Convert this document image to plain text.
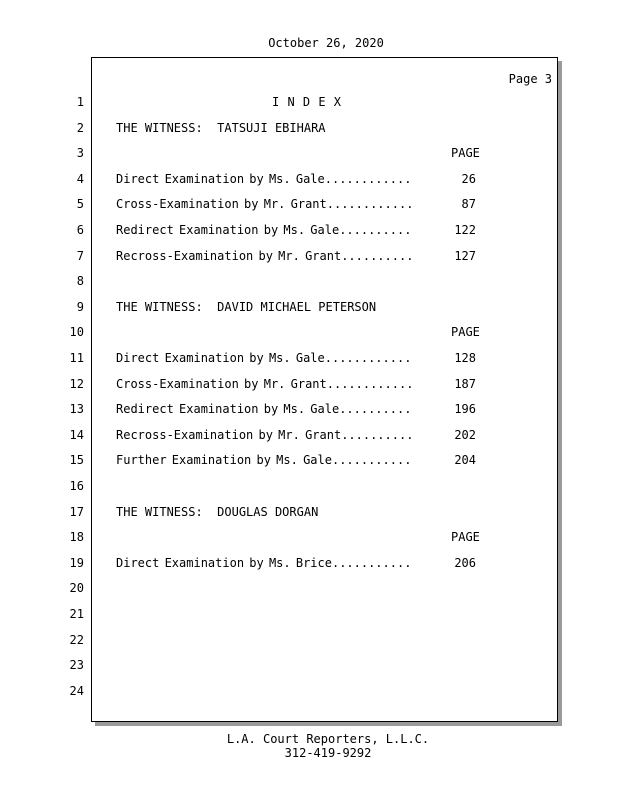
October 26, 2020
Page 3
1	I N D E X
2	THE WITNESS:  TATSUJI EBIHARA
3	PAGE
4	Direct Examination by Ms. Gale............	26
5	Cross-Examination by Mr. Grant............	87
6	Redirect Examination by Ms. Gale..........	122
7	Recross-Examination by Mr. Grant..........	127
8
9	THE WITNESS:  DAVID MICHAEL PETERSON
10	PAGE
11	Direct Examination by Ms. Gale............	128
12	Cross-Examination by Mr. Grant............	187
13	Redirect Examination by Ms. Gale..........	196
14	Recross-Examination by Mr. Grant..........	202
15	Further Examination by Ms. Gale...........	204
16
17	THE WITNESS:  DOUGLAS DORGAN
18	PAGE
19	Direct Examination by Ms. Brice...........	206
20
21
22
23
24
L.A. Court Reporters, L.L.C.
312-419-9292
